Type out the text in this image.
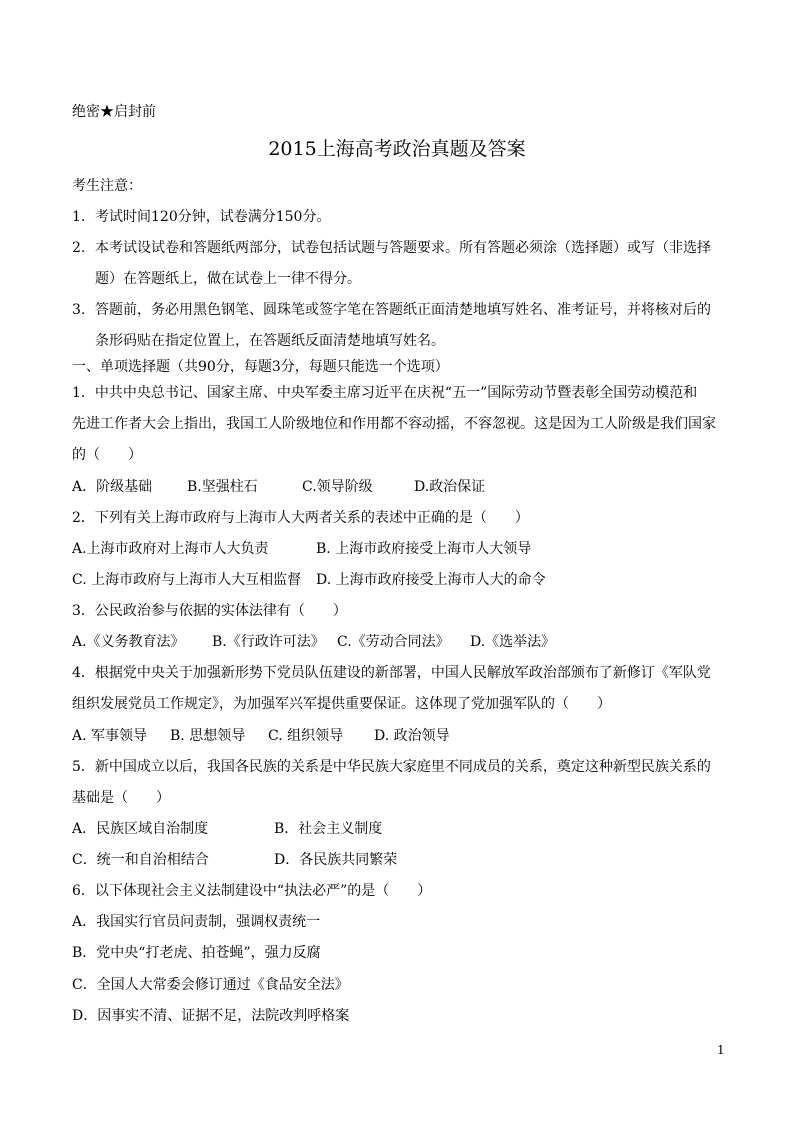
绝密★启封前
2015上海高考政治真题及答案
考生注意：
1. 考试时间120分钟，试卷满分150分。
2. 本考试设试卷和答题纸两部分，试卷包括试题与答题要求。所有答题必须涂（选择题）或写（非选择
题）在答题纸上，做在试卷上一律不得分。
3. 答题前，务必用黑色钢笔、圆珠笔或签字笔在答题纸正面清楚地填写姓名、准考证号，并将核对后的
条形码贴在指定位置上，在答题纸反面清楚地填写姓名。
一、单项选择题（共90分，每题3分，每题只能选一个选项）
1．中共中央总书记、国家主席、中央军委主席习近平在庆祝“五一”国际劳动节暨表彰全国劳动模范和
先进工作者大会上指出，我国工人阶级地位和作用都不容动摇，不容忽视。这是因为工人阶级是我们国家
的（　　）
A．阶级基础 B.坚强柱石	C.领导阶级	D.政治保证
2．下列有关上海市政府与上海市人大两者关系的表述中正确的是（　　）
A.上海市政府对上海市人大负责	B. 上海市政府接受上海市人大领导
C. 上海市政府与上海市人大互相监督 D. 上海市政府接受上海市人大的命令
3．公民政治参与依据的实体法律有（　　）
A.《义务教育法》 B.《行政许可法》 C.《劳动合同法》 D.《选举法》
4．根据党中央关于加强新形势下党员队伍建设的新部署，中国人民解放军政治部颁布了新修订《军队党
组织发展党员工作规定》，为加强军兴军提供重要保证。这体现了党加强军队的（　　）
A. 军事领导 B. 思想领导 C. 组织领导 D. 政治领导
5．新中国成立以后，我国各民族的关系是中华民族大家庭里不同成员的关系，奠定这种新型民族关系的
基础是（　　）
A．民族区域自治制度	B．社会主义制度
C．统一和自治相结合	D．各民族共同繁荣
6．以下体现社会主义法制建设中“执法必严”的是（　　）
A．我国实行官员问责制，强调权责统一
B．党中央“打老虎、拍苍蝇”，强力反腐
C．全国人大常委会修订通过《食品安全法》
D．因事实不清、证据不足，法院改判呼格案
1
